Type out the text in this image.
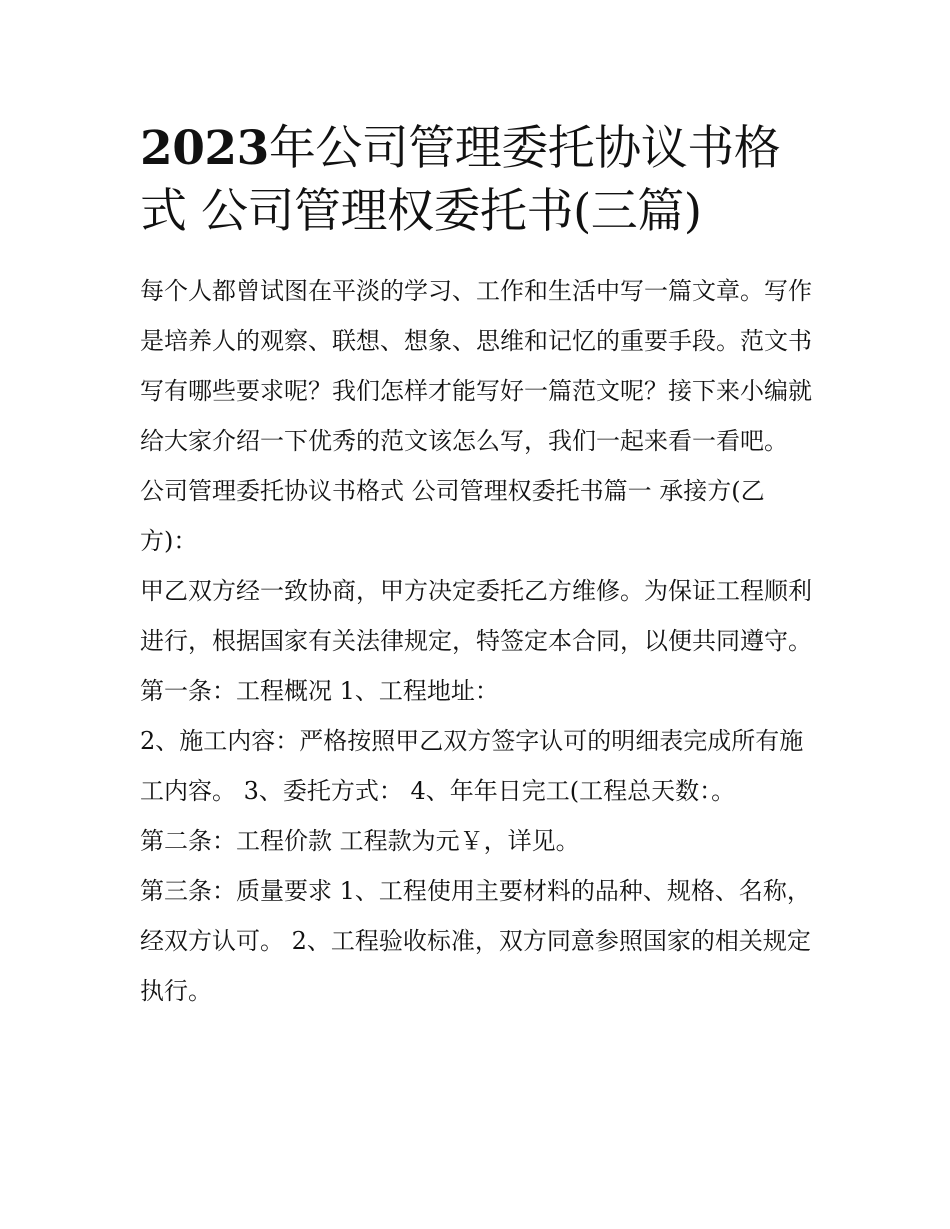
2023年公司管理委托协议书格式 公司管理权委托书(三篇)

每个人都曾试图在平淡的学习、工作和生活中写一篇文章。写作是培养人的观察、联想、想象、思维和记忆的重要手段。范文书写有哪些要求呢？我们怎样才能写好一篇范文呢？接下来小编就给大家介绍一下优秀的范文该怎么写，我们一起来看一看吧。

公司管理委托协议书格式 公司管理权委托书篇一 承接方(乙方)：

甲乙双方经一致协商，甲方决定委托乙方维修。为保证工程顺利进行，根据国家有关法律规定，特签定本合同，以便共同遵守。 第一条：工程概况 1、工程地址：

2、施工内容：严格按照甲乙双方签字认可的明细表完成所有施工内容。 3、委托方式： 4、年年日完工(工程总天数：。

第二条：工程价款 工程款为元￥，详见。

第三条：质量要求 1、工程使用主要材料的品种、规格、名称，经双方认可。 2、工程验收标准，双方同意参照国家的相关规定执行。
